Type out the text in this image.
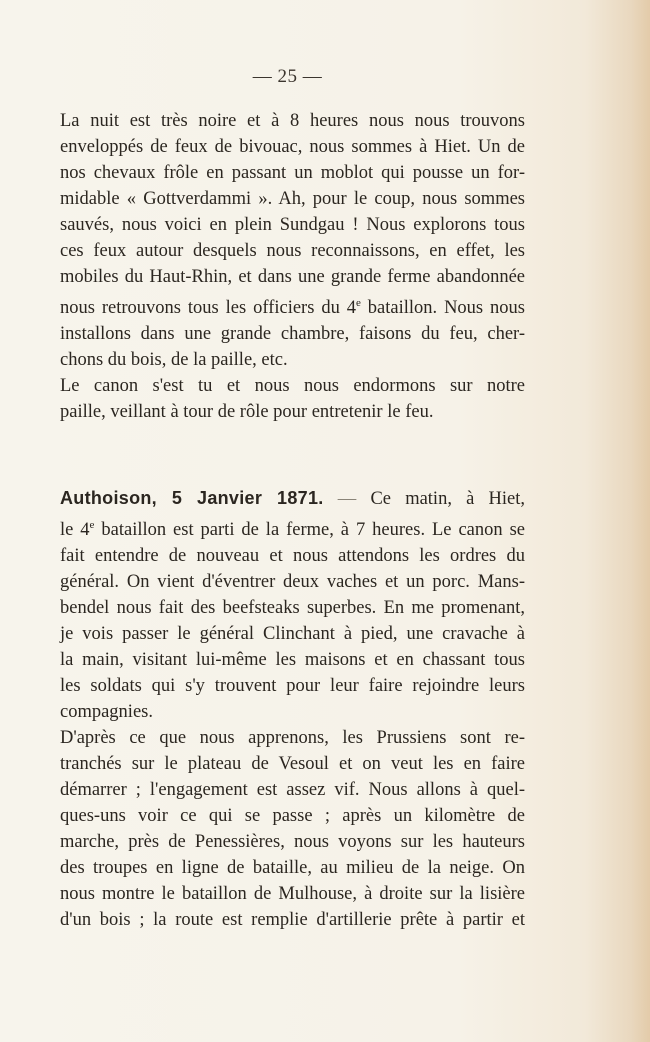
— 25 —

La nuit est très noire et à 8 heures nous nous trouvons
enveloppés de feux de bivouac, nous sommes à Hiet. Un de
nos chevaux frôle en passant un moblot qui pousse un for-
midable « Gottverdammi ». Ah, pour le coup, nous sommes
sauvés, nous voici en plein Sundgau ! Nous explorons tous
ces feux autour desquels nous reconnaissons, en effet, les
mobiles du Haut-Rhin, et dans une grande ferme abandonnée
nous retrouvons tous les officiers du 4e bataillon. Nous nous
installons dans une grande chambre, faisons du feu, cher-
chons du bois, de la paille, etc.

Le canon s'est tu et nous nous endormons sur notre
paille, veillant à tour de rôle pour entretenir le feu.

Authoison, 5 Janvier 1871. — Ce matin, à Hiet,
le 4e bataillon est parti de la ferme, à 7 heures. Le canon se
fait entendre de nouveau et nous attendons les ordres du
général. On vient d'éventrer deux vaches et un porc. Mans-
bendel nous fait des beefsteaks superbes. En me promenant,
je vois passer le général Clinchant à pied, une cravache à
la main, visitant lui-même les maisons et en chassant tous
les soldats qui s'y trouvent pour leur faire rejoindre leurs
compagnies.

D'après ce que nous apprenons, les Prussiens sont re-
tranchés sur le plateau de Vesoul et on veut les en faire
démarrer ; l'engagement est assez vif. Nous allons à quel-
ques-uns voir ce qui se passe ; après un kilomètre de
marche, près de Penessières, nous voyons sur les hauteurs
des troupes en ligne de bataille, au milieu de la neige. On
nous montre le bataillon de Mulhouse, à droite sur la lisière
d'un bois ; la route est remplie d'artillerie prête à partir et
